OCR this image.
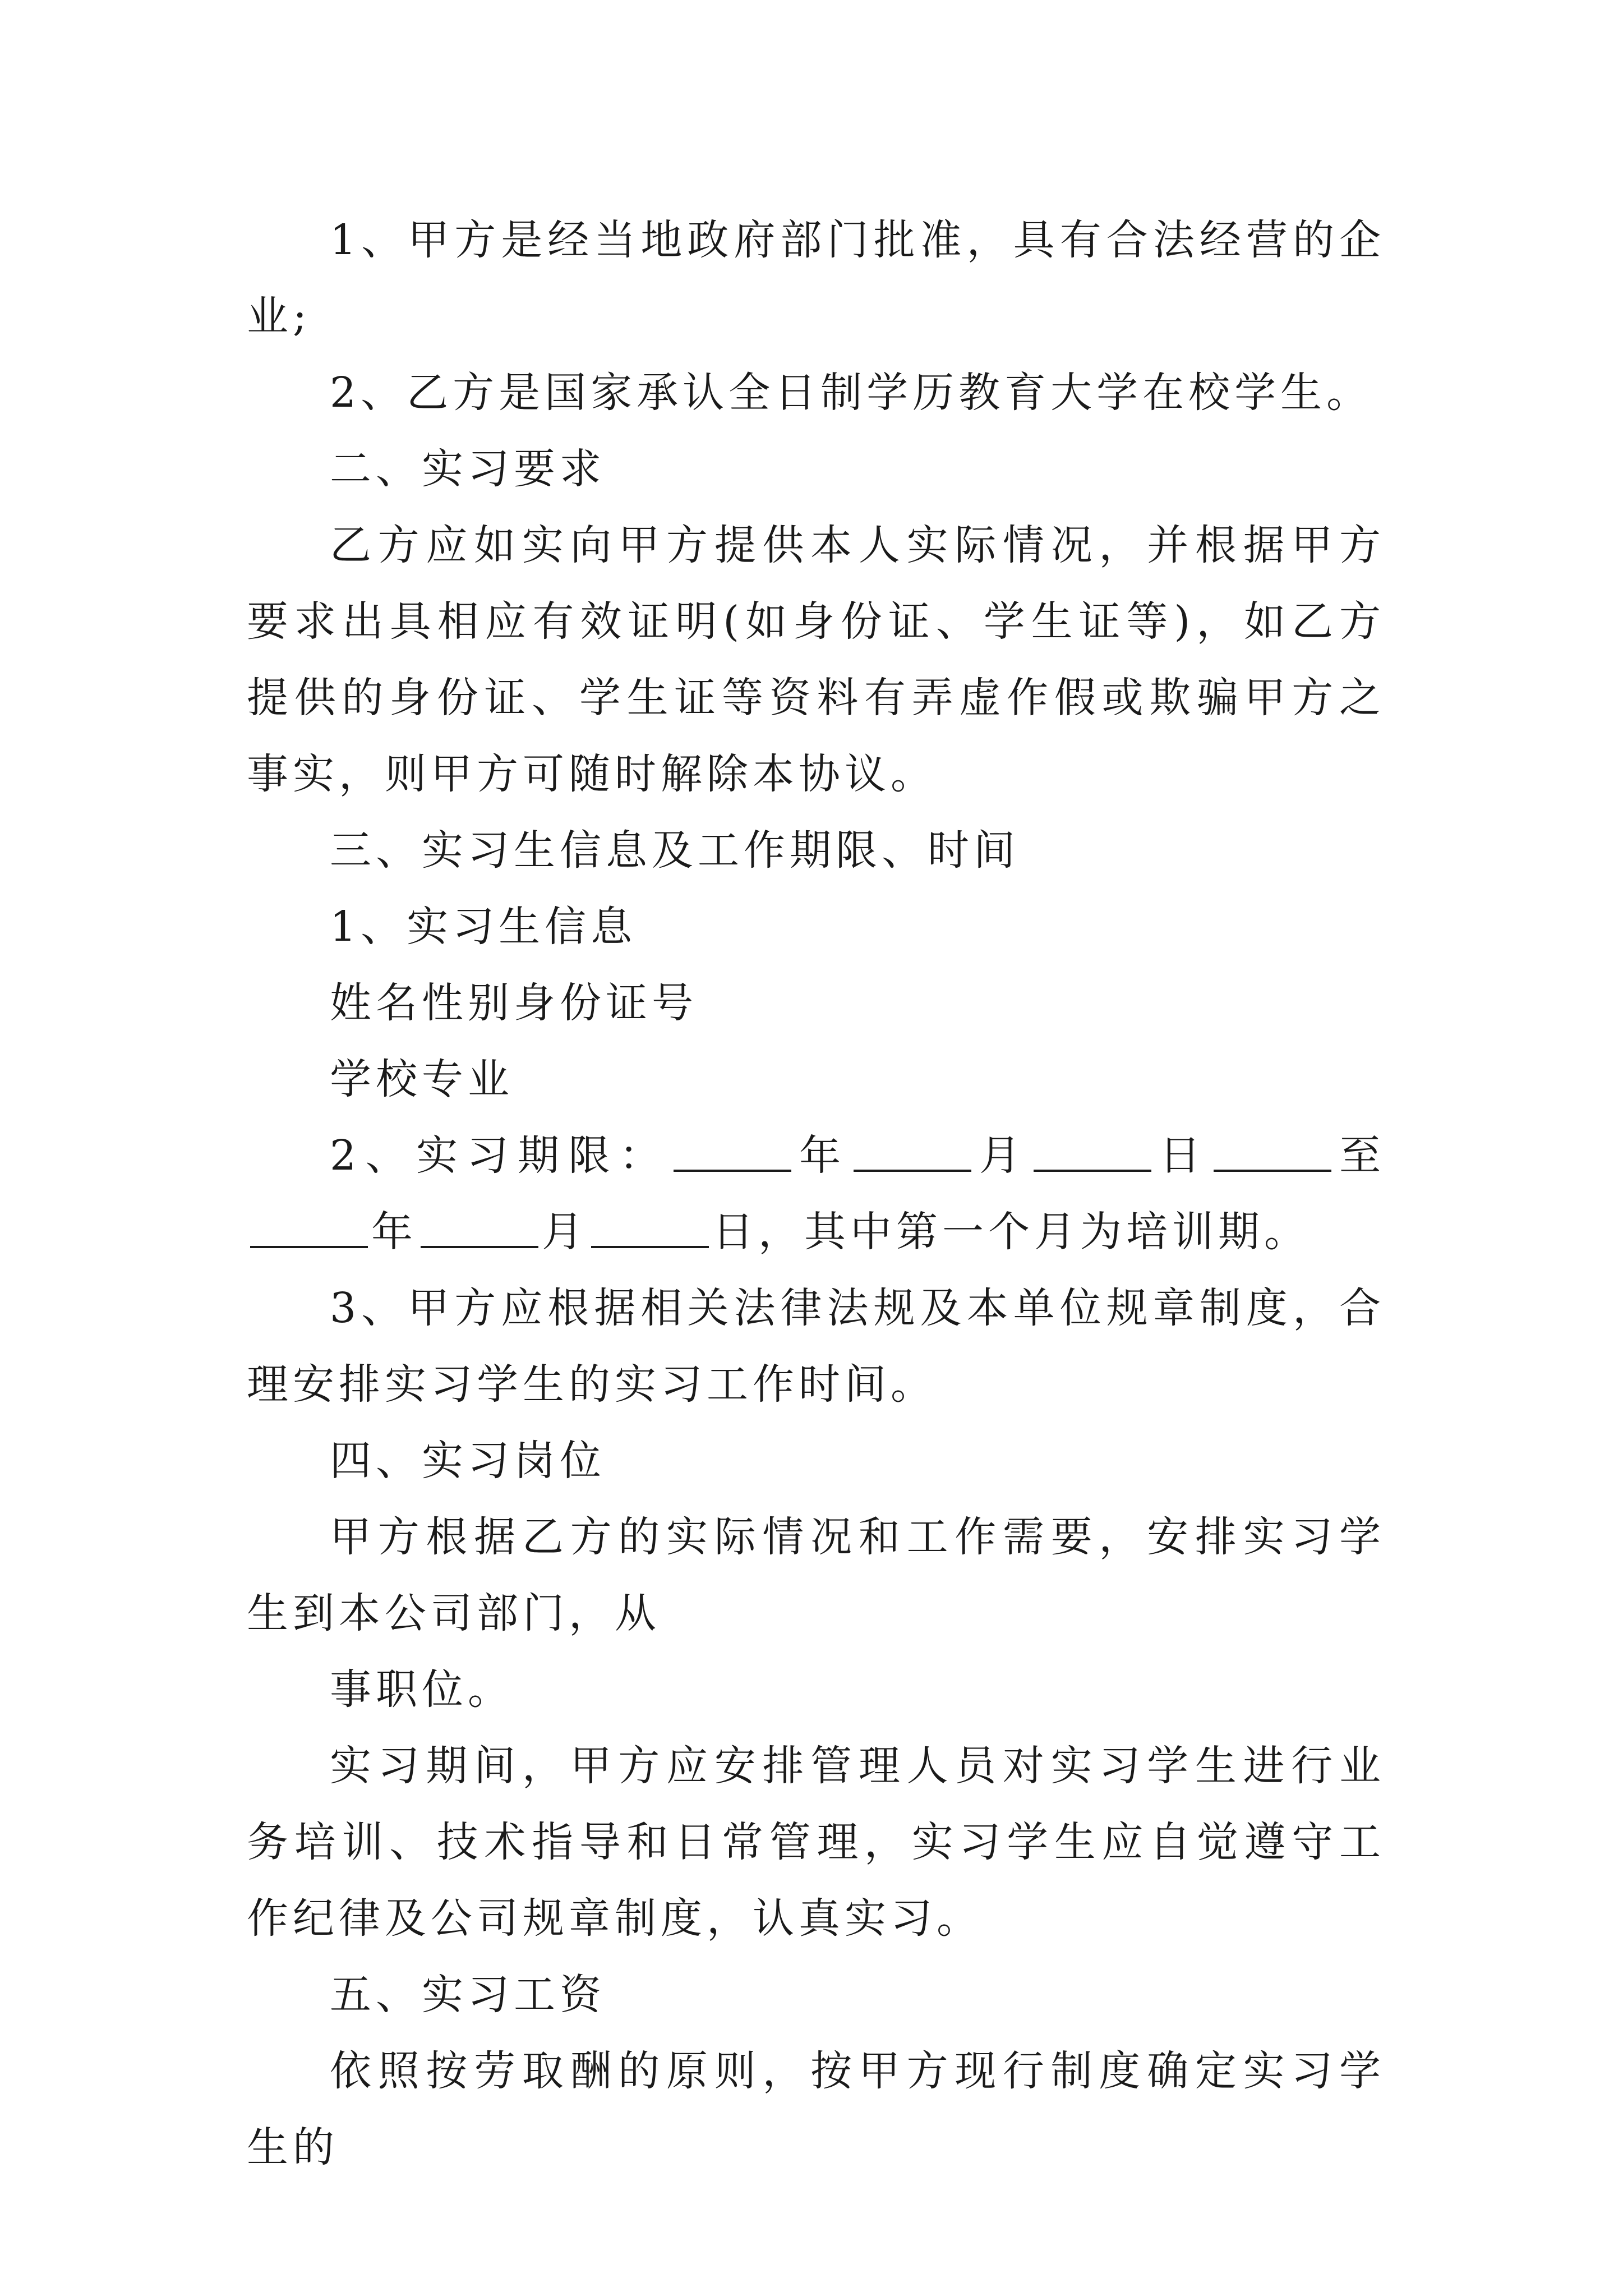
1、甲方是经当地政府部门批准，具有合法经营的企业;

2、乙方是国家承认全日制学历教育大学在校学生。

二、实习要求

乙方应如实向甲方提供本人实际情况，并根据甲方要求出具相应有效证明(如身份证、学生证等)，如乙方提供的身份证、学生证等资料有弄虚作假或欺骗甲方之事实，则甲方可随时解除本协议。

三、实习生信息及工作期限、时间

1、实习生信息

姓名性别身份证号

学校专业

2、实习期限：	年	月	日	至年	月	日，其中第一个月为培训期。

3、甲方应根据相关法律法规及本单位规章制度，合理安排实习学生的实习工作时间。

四、实习岗位

甲方根据乙方的实际情况和工作需要，安排实习学生到本公司部门，从

事职位。

实习期间，甲方应安排管理人员对实习学生进行业务培训、技术指导和日常管理，实习学生应自觉遵守工作纪律及公司规章制度，认真实习。

五、实习工资

依照按劳取酬的原则，按甲方现行制度确定实习学生的
